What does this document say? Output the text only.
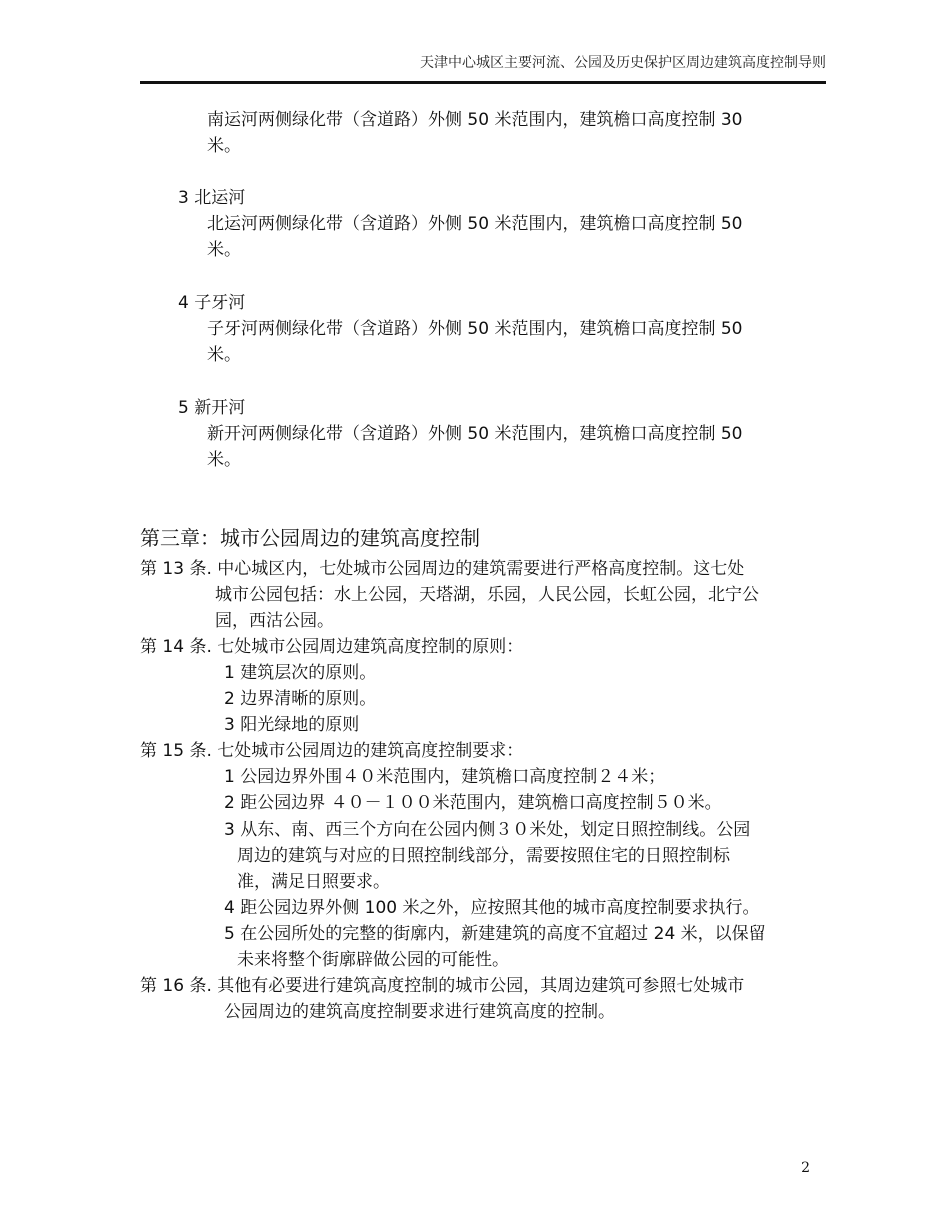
天津中心城区主要河流、公园及历史保护区周边建筑高度控制导则
南运河两侧绿化带（含道路）外侧 50 米范围内，建筑檐口高度控制 30
米。
3 北运河
北运河两侧绿化带（含道路）外侧 50 米范围内，建筑檐口高度控制 50
米。
4 子牙河
子牙河两侧绿化带（含道路）外侧 50 米范围内，建筑檐口高度控制 50
米。
5 新开河
新开河两侧绿化带（含道路）外侧 50 米范围内，建筑檐口高度控制 50
米。
第三章：城市公园周边的建筑高度控制
第 13 条. 中心城区内，七处城市公园周边的建筑需要进行严格高度控制。这七处
城市公园包括：水上公园，天塔湖，乐园，人民公园，长虹公园，北宁公
园，西沽公园。
第 14 条. 七处城市公园周边建筑高度控制的原则：
1 建筑层次的原则。
2 边界清晰的原则。
3 阳光绿地的原则
第 15 条. 七处城市公园周边的建筑高度控制要求：
1 公园边界外围４０米范围内，建筑檐口高度控制２４米；
2 距公园边界 ４０－１００米范围内，建筑檐口高度控制５０米。
3 从东、南、西三个方向在公园内侧３０米处，划定日照控制线。公园
周边的建筑与对应的日照控制线部分，需要按照住宅的日照控制标
准，满足日照要求。
4 距公园边界外侧 100 米之外，应按照其他的城市高度控制要求执行。
5 在公园所处的完整的街廓内，新建建筑的高度不宜超过 24 米，以保留
未来将整个街廓辟做公园的可能性。
第 16 条. 其他有必要进行建筑高度控制的城市公园，其周边建筑可参照七处城市
公园周边的建筑高度控制要求进行建筑高度的控制。
2
